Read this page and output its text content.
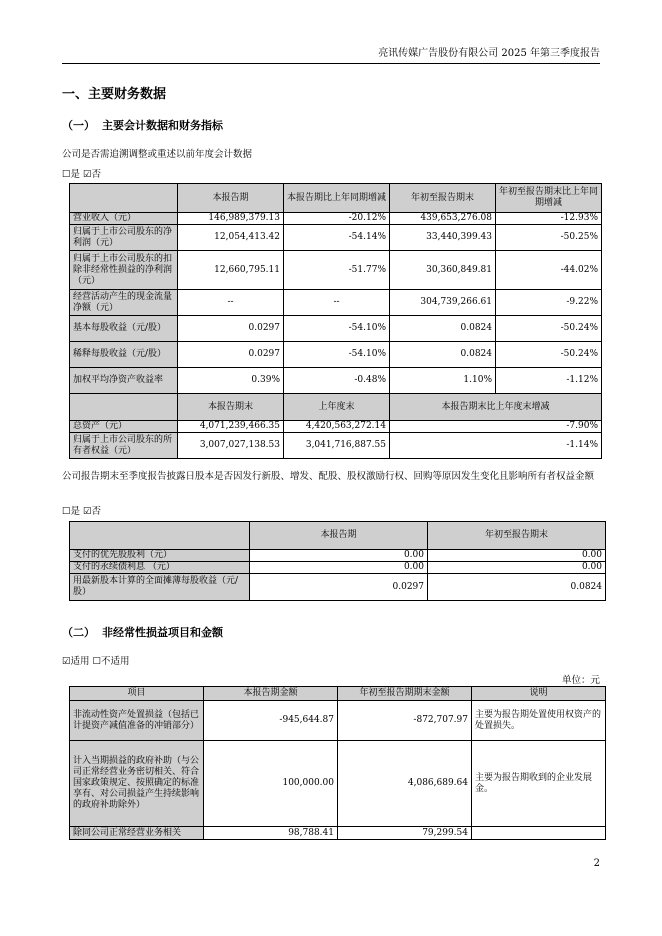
亮讯传媒广告股份有限公司 2025 年第三季度报告
一、主要财务数据
（一） 主要会计数据和财务指标
公司是否需追溯调整或重述以前年度会计数据
☐是 ☑否
	本报告期	本报告期比上年同期增减	年初至报告期末	年初至报告期末比上年同期增减
营业收入（元）	146,989,379.13	-20.12%	439,653,276.08	-12.93%
归属于上市公司股东的净利润（元）	12,054,413.42	-54.14%	33,440,399.43	-50.25%
归属于上市公司股东的扣除非经常性损益的净利润（元）	12,660,795.11	-51.77%	30,360,849.81	-44.02%
经营活动产生的现金流量净额（元）	--	--	304,739,266.61	-9.22%
基本每股收益（元/股）	0.0297	-54.10%	0.0824	-50.24%
稀释每股收益（元/股）	0.0297	-54.10%	0.0824	-50.24%
加权平均净资产收益率	0.39%	-0.48%	1.10%	-1.12%
	本报告期末	上年度末	本报告期末比上年度末增减	
总资产（元）	4,071,239,466.35	4,420,563,272.14	-7.90%	
归属于上市公司股东的所有者权益（元）	3,007,027,138.53	3,041,716,887.55	-1.14%	
公司报告期末至季度报告披露日股本是否因发行新股、增发、配股、股权激励行权、回购等原因发生变化且影响所有者权益金额
☐是 ☑否
	本报告期	年初至报告期末
支付的优先股股利（元）	0.00	0.00
支付的永续债利息 （元）	0.00	0.00
用最新股本计算的全面摊薄每股收益（元/股）	0.0297	0.0824
（二） 非经常性损益项目和金额
☑适用 ☐不适用
单位：元
项目	本报告期金额	年初至报告期期末金额	说明
非流动性资产处置损益（包括已计提资产减值准备的冲销部分）	-945,644.87	-872,707.97	主要为报告期处置使用权资产的处置损失。
计入当期损益的政府补助（与公司正常经营业务密切相关、符合国家政策规定、按照确定的标准享有、对公司损益产生持续影响的政府补助除外）	100,000.00	4,086,689.64	主要为报告期收到的企业发展金。
除同公司正常经营业务相关	98,788.41	79,299.54	
2
